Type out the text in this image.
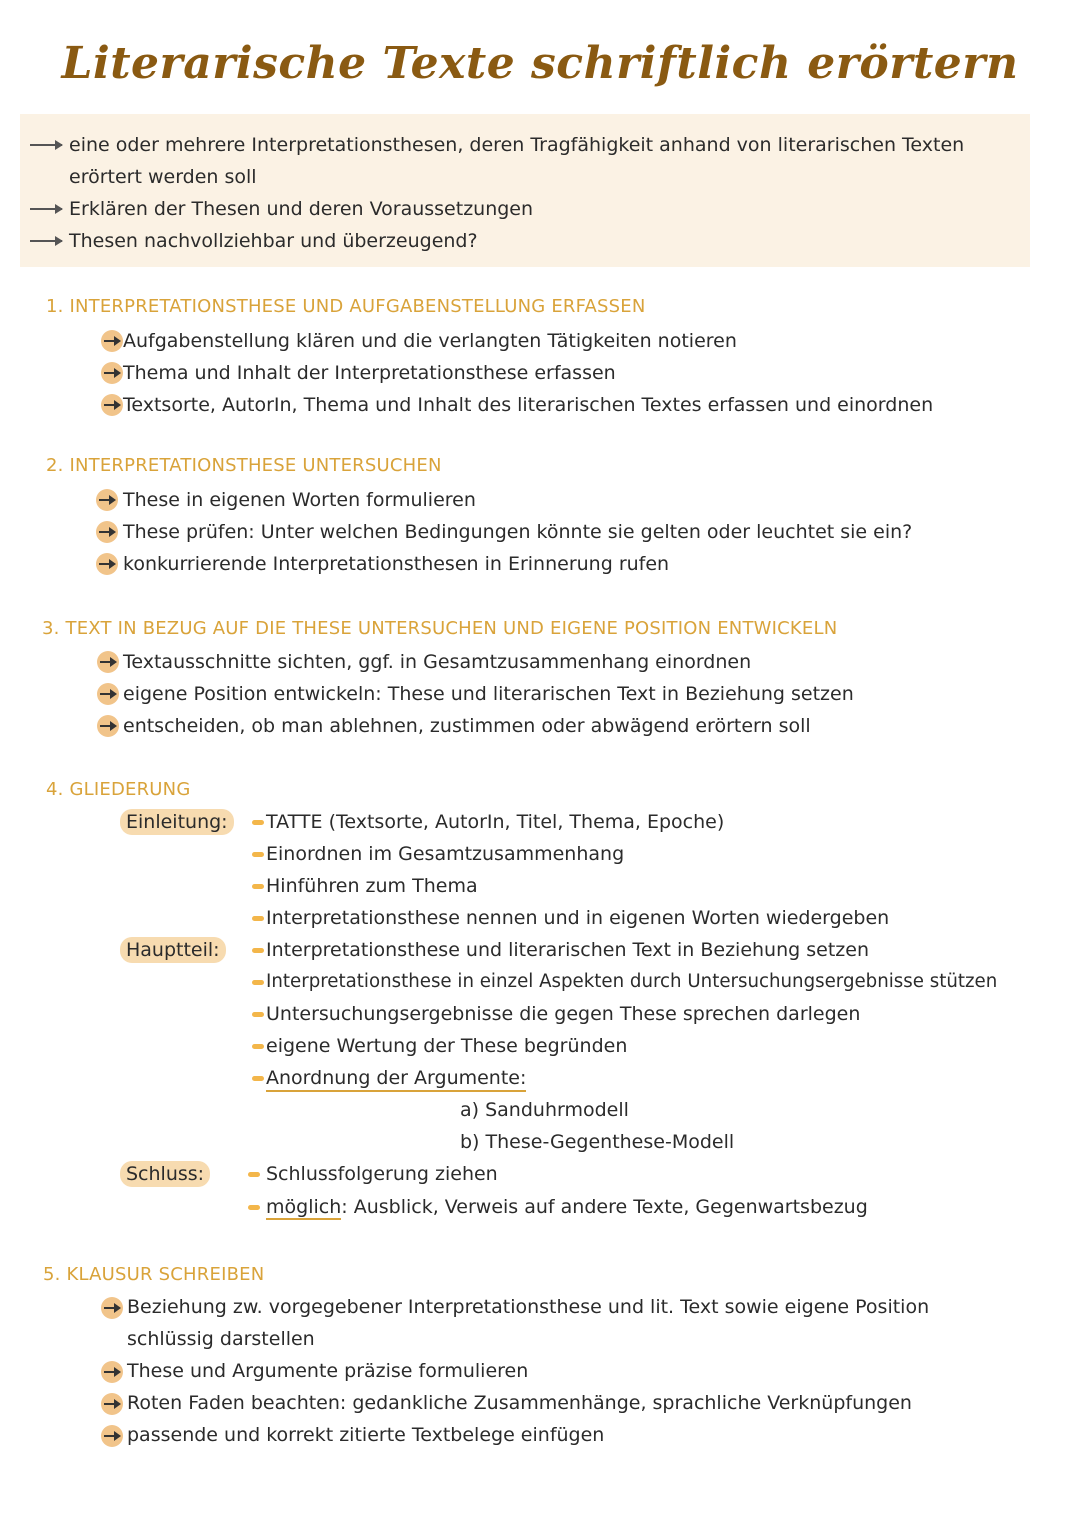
Literarische Texte schriftlich erörtern
eine oder mehrere Interpretationsthesen, deren Tragfähigkeit anhand von literarischen Texten
erörtert werden soll
Erklären der Thesen und deren Voraussetzungen
Thesen nachvollziehbar und überzeugend?
1. INTERPRETATIONSTHESE UND AUFGABENSTELLUNG ERFASSEN
Aufgabenstellung klären und die verlangten Tätigkeiten notieren
Thema und Inhalt der Interpretationsthese erfassen
Textsorte, AutorIn, Thema und Inhalt des literarischen Textes erfassen und einordnen
2. INTERPRETATIONSTHESE UNTERSUCHEN
These in eigenen Worten formulieren
These prüfen: Unter welchen Bedingungen könnte sie gelten oder leuchtet sie ein?
konkurrierende Interpretationsthesen in Erinnerung rufen
3. TEXT IN BEZUG AUF DIE THESE UNTERSUCHEN UND EIGENE POSITION ENTWICKELN
Textausschnitte sichten, ggf. in Gesamtzusammenhang einordnen
eigene Position entwickeln: These und literarischen Text in Beziehung setzen
entscheiden, ob man ablehnen, zustimmen oder abwägend erörtern soll
4. GLIEDERUNG
Einleitung:	TATTE (Textsorte, AutorIn, Titel, Thema, Epoche)
Einordnen im Gesamtzusammenhang
Hinführen zum Thema
Interpretationsthese nennen und in eigenen Worten wiedergeben
Hauptteil:	Interpretationsthese und literarischen Text in Beziehung setzen
Interpretationsthese in einzel Aspekten durch Untersuchungsergebnisse stützen
Untersuchungsergebnisse die gegen These sprechen darlegen
eigene Wertung der These begründen
Anordnung der Argumente:
a) Sanduhrmodell
b) These-Gegenthese-Modell
Schluss:	Schlussfolgerung ziehen
möglich: Ausblick, Verweis auf andere Texte, Gegenwartsbezug
5. KLAUSUR SCHREIBEN
Beziehung zw. vorgegebener Interpretationsthese und lit. Text sowie eigene Position
schlüssig darstellen
These und Argumente präzise formulieren
Roten Faden beachten: gedankliche Zusammenhänge, sprachliche Verknüpfungen
passende und korrekt zitierte Textbelege einfügen
